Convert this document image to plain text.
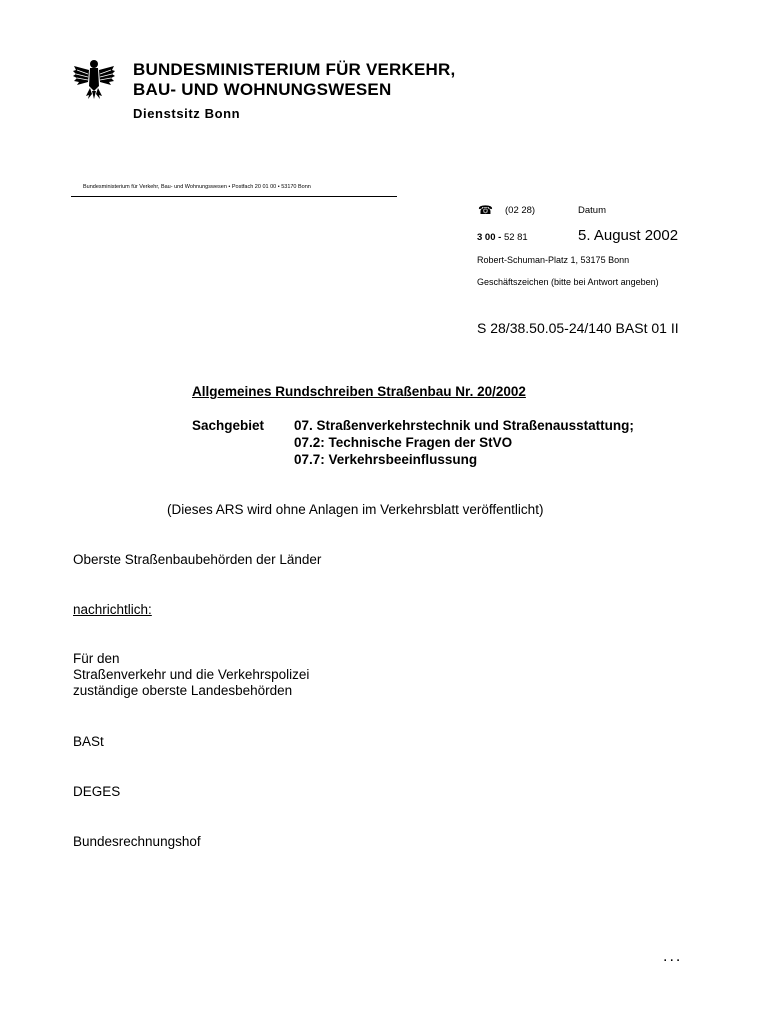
BUNDESMINISTERIUM FÜR VERKEHR,
BAU- UND WOHNUNGSWESEN
Dienstsitz Bonn
Bundesministerium für Verkehr, Bau- und Wohnungswesen • Postfach 20 01 00 • 53170 Bonn
☎ (02 28)	Datum
3 00 - 52 81	5. August 2002
Robert-Schuman-Platz 1, 53175 Bonn
Geschäftszeichen (bitte bei Antwort angeben)
S 28/38.50.05-24/140 BASt 01 II
Allgemeines Rundschreiben Straßenbau Nr. 20/2002
Sachgebiet 07. Straßenverkehrstechnik und Straßenausstattung;
07.2: Technische Fragen der StVO
07.7: Verkehrsbeeinflussung
(Dieses ARS wird ohne Anlagen im Verkehrsblatt veröffentlicht)
Oberste Straßenbaubehörden der Länder
nachrichtlich:
Für den
Straßenverkehr und die Verkehrspolizei
zuständige oberste Landesbehörden
BASt
DEGES
Bundesrechnungshof
...
